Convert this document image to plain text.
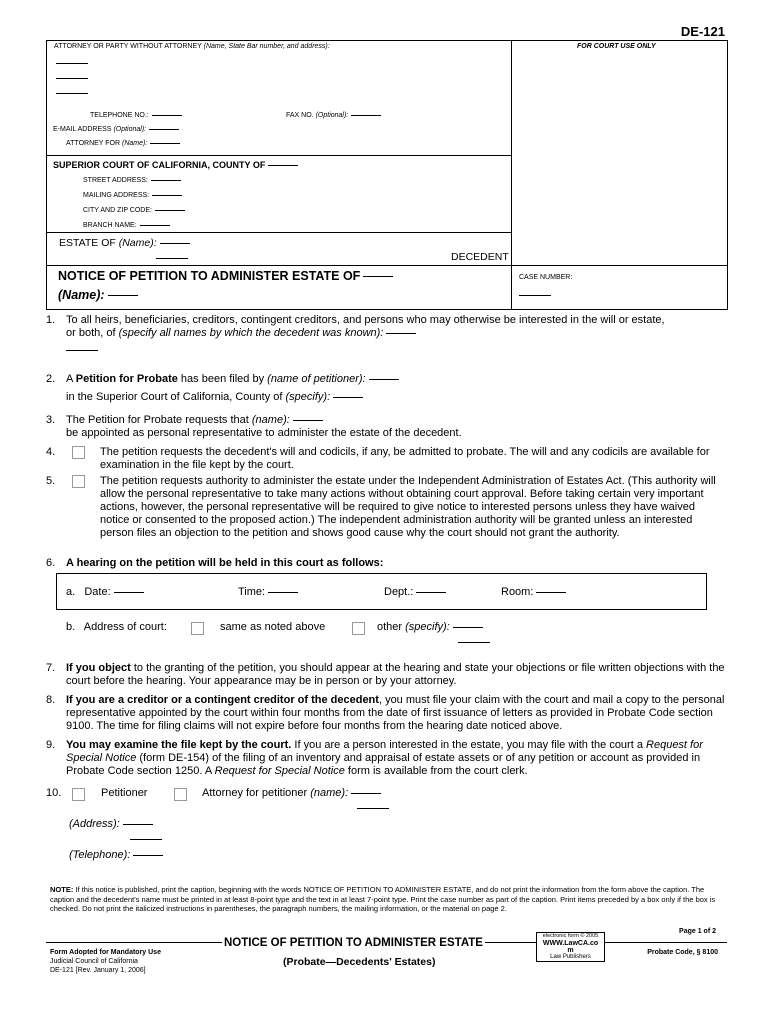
DE-121
ATTORNEY OR PARTY WITHOUT ATTORNEY (Name, State Bar number, and address):	FOR COURT USE ONLY
TELEPHONE NO.:	FAX NO. (Optional):
E-MAIL ADDRESS (Optional):
ATTORNEY FOR (Name):
SUPERIOR COURT OF CALIFORNIA, COUNTY OF
STREET ADDRESS:
MAILING ADDRESS:
CITY AND ZIP CODE:
BRANCH NAME:
ESTATE OF (Name):
DECEDENT
NOTICE OF PETITION TO ADMINISTER ESTATE OF
(Name):
CASE NUMBER:
1. To all heirs, beneficiaries, creditors, contingent creditors, and persons who may otherwise be interested in the will or estate,
or both, of (specify all names by which the decedent was known):
2. A Petition for Probate has been filed by (name of petitioner):
in the Superior Court of California, County of (specify):
3. The Petition for Probate requests that (name):
be appointed as personal representative to administer the estate of the decedent.
4.	The petition requests the decedent's will and codicils, if any, be admitted to probate. The will and any codicils are available for examination in the file kept by the court.
5.	The petition requests authority to administer the estate under the Independent Administration of Estates Act. (This authority will allow the personal representative to take many actions without obtaining court approval. Before taking certain very important actions, however, the personal representative will be required to give notice to interested persons unless they have waived notice or consented to the proposed action.) The independent administration authority will be granted unless an interested person files an objection to the petition and shows good cause why the court should not grant the authority.
6. A hearing on the petition will be held in this court as follows:
a. Date:	Time:	Dept.:	Room:
b. Address of court:	same as noted above	other (specify):
7. If you object to the granting of the petition, you should appear at the hearing and state your objections or file written objections with the court before the hearing. Your appearance may be in person or by your attorney.
8. If you are a creditor or a contingent creditor of the decedent, you must file your claim with the court and mail a copy to the personal representative appointed by the court within four months from the date of first issuance of letters as provided in Probate Code section 9100. The time for filing claims will not expire before four months from the hearing date noticed above.
9. You may examine the file kept by the court. If you are a person interested in the estate, you may file with the court a Request for Special Notice (form DE-154) of the filing of an inventory and appraisal of estate assets or of any petition or account as provided in Probate Code section 1250. A Request for Special Notice form is available from the court clerk.
10.	Petitioner	Attorney for petitioner (name):
(Address):
(Telephone):
NOTE: If this notice is published, print the caption, beginning with the words NOTICE OF PETITION TO ADMINISTER ESTATE, and do not print the information from the form above the caption. The caption and the decedent's name must be printed in at least 8-point type and the text in at least 7-point type. Print the case number as part of the caption. Print items preceded by a box only if the box is checked. Do not print the italicized instructions in parentheses, the paragraph numbers, the mailing information, or the material on page 2.
Form Adopted for Mandatory Use
Judicial Council of California
DE-121 [Rev. January 1, 2006]
NOTICE OF PETITION TO ADMINISTER ESTATE
(Probate—Decedents' Estates)
electronic form © 2005
WWW.LawCA.co
m
Law Publishers
Page 1 of 2
Probate Code, § 8100
